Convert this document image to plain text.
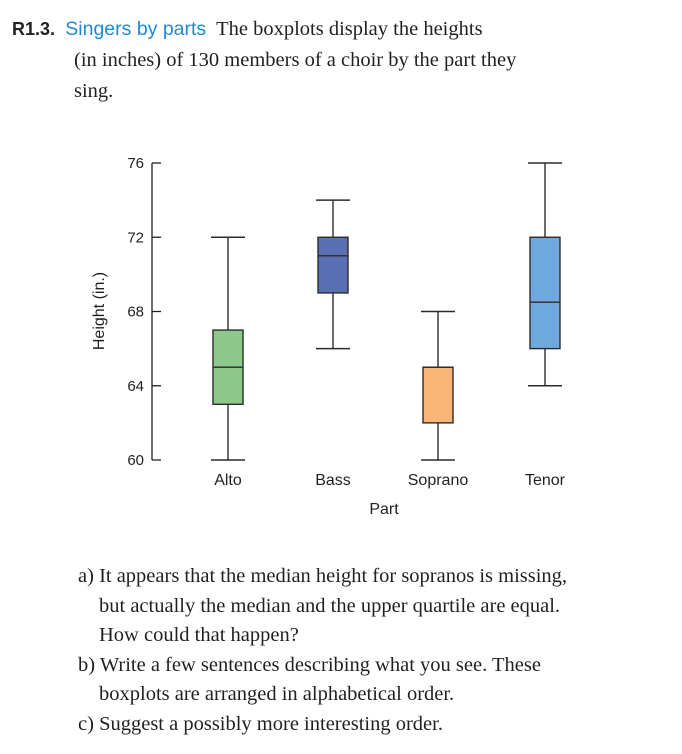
R1.3. Singers by parts The boxplots display the heights
(in inches) of 130 members of a choir by the part they
sing.
60
64
68
72
76
Alto	Bass	Soprano	Tenor
Part
Height (in.)
a) It appears that the median height for sopranos is missing,
but actually the median and the upper quartile are equal.
How could that happen?
b) Write a few sentences describing what you see. These
boxplots are arranged in alphabetical order.
c) Suggest a possibly more interesting order.
